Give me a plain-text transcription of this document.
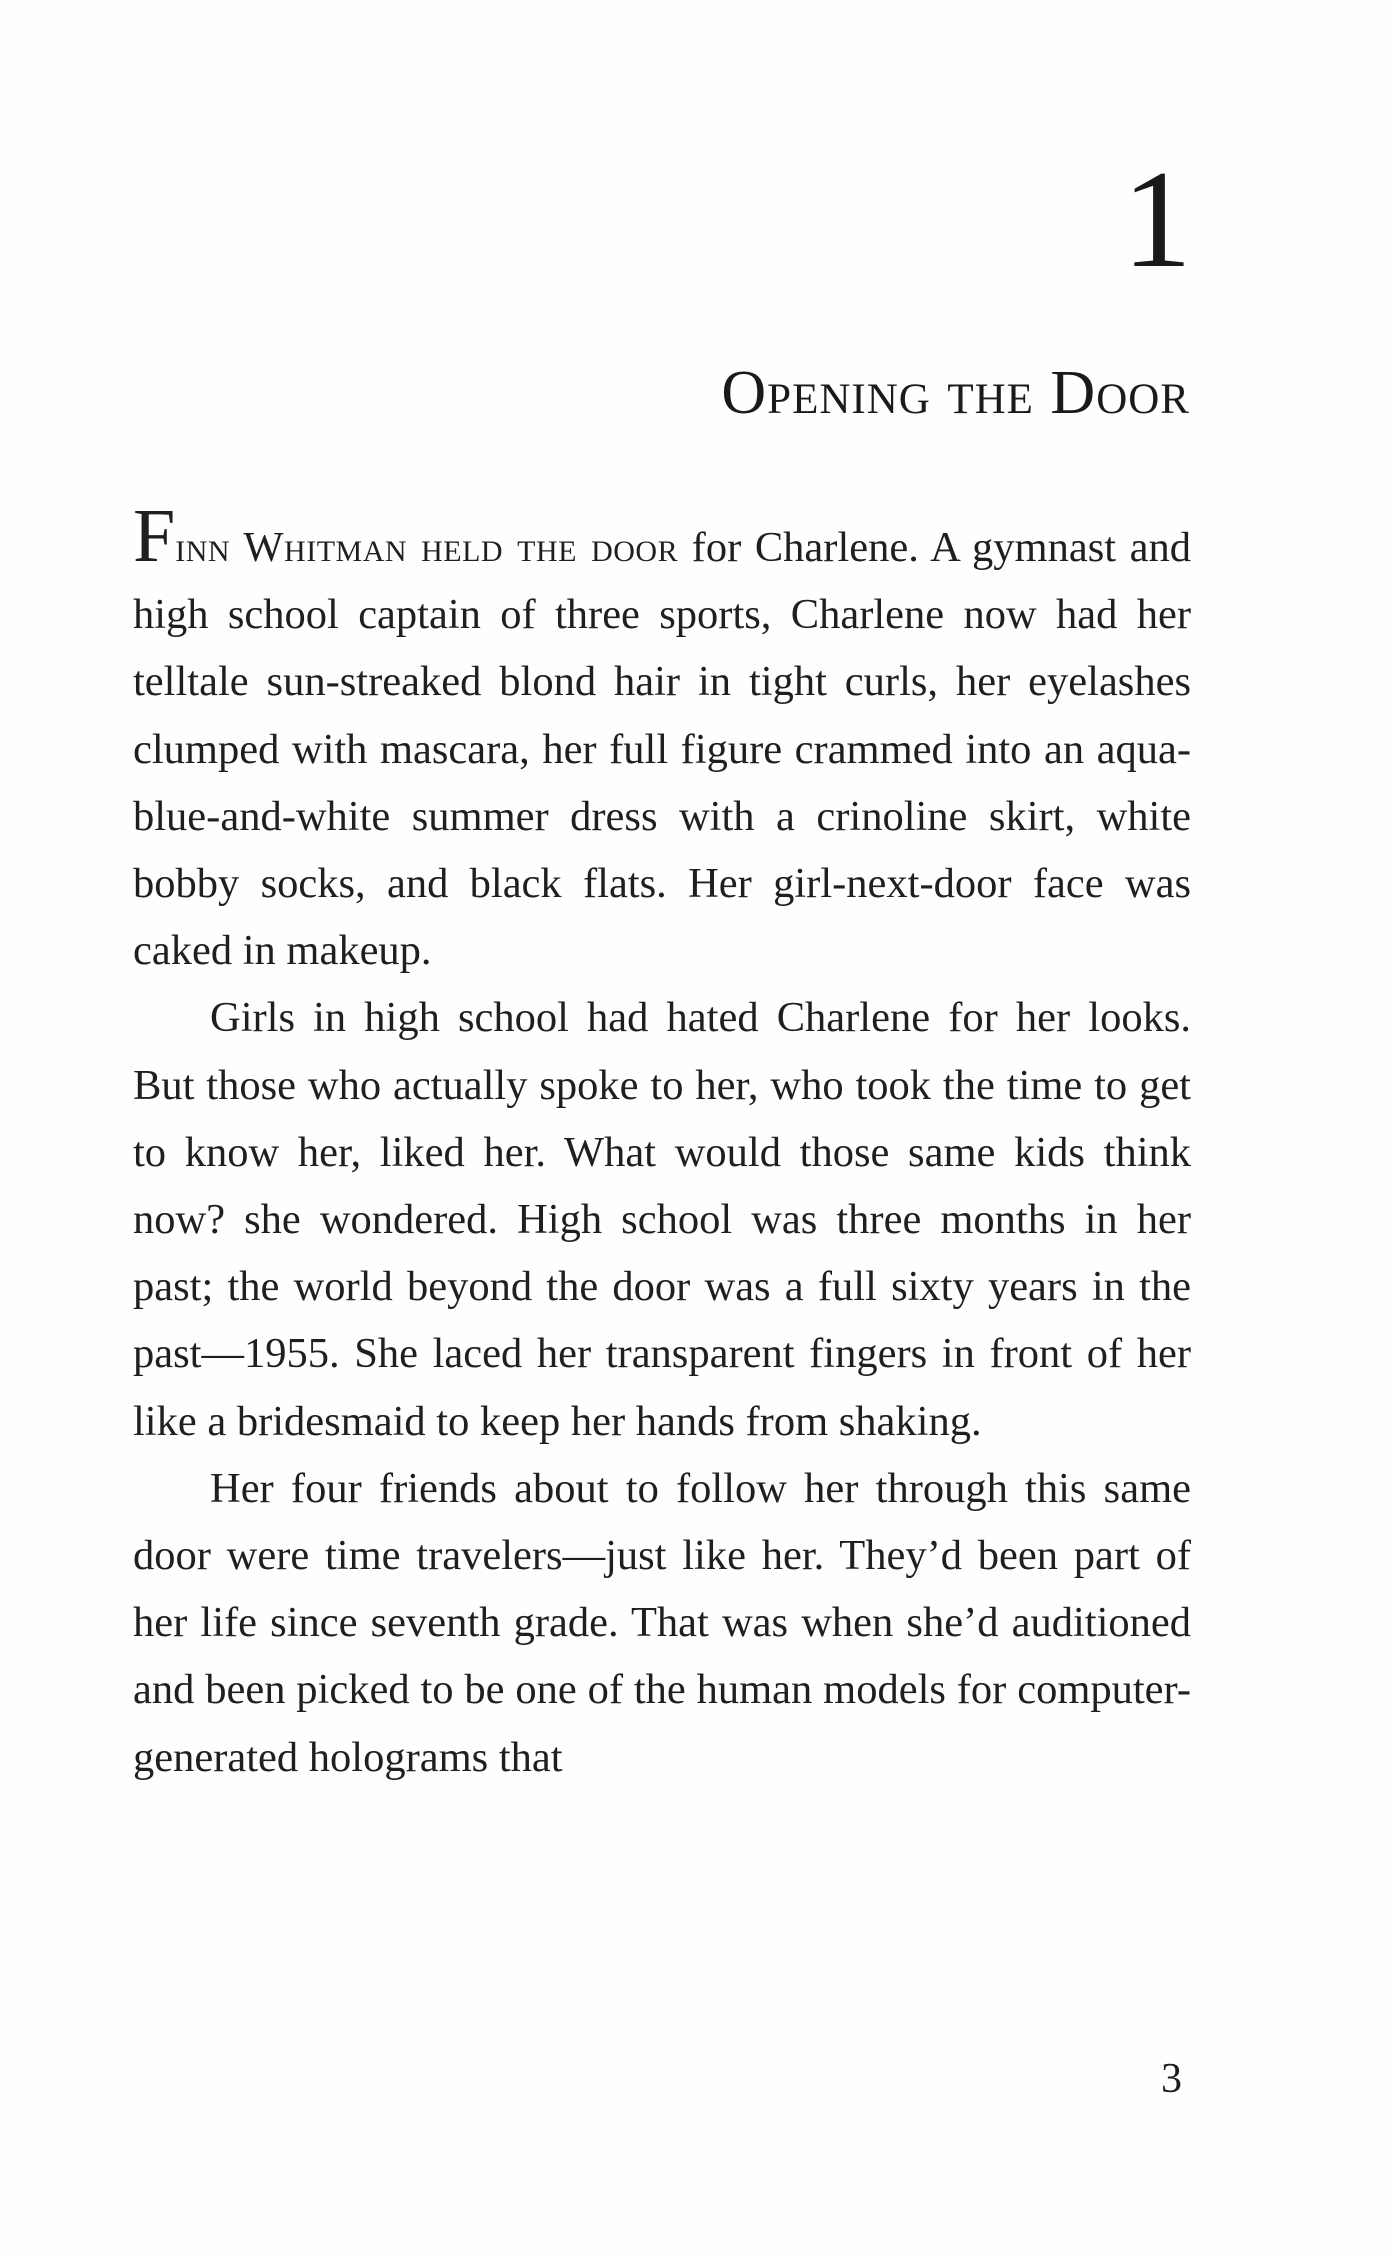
1
Opening the Door

Finn Whitman held the door for Charlene. A gymnast and high school captain of three sports, Charlene now had her telltale sun-streaked blond hair in tight curls, her eyelashes clumped with mascara, her full figure crammed into an aqua-blue-and-white summer dress with a crinoline skirt, white bobby socks, and black flats. Her girl-next-door face was caked in makeup.

Girls in high school had hated Charlene for her looks. But those who actually spoke to her, who took the time to get to know her, liked her. What would those same kids think now? she wondered. High school was three months in her past; the world beyond the door was a full sixty years in the past—1955. She laced her transparent fingers in front of her like a bridesmaid to keep her hands from shaking.

Her four friends about to follow her through this same door were time travelers—just like her. They’d been part of her life since seventh grade. That was when she’d auditioned and been picked to be one of the human models for computer-generated holograms that

3
